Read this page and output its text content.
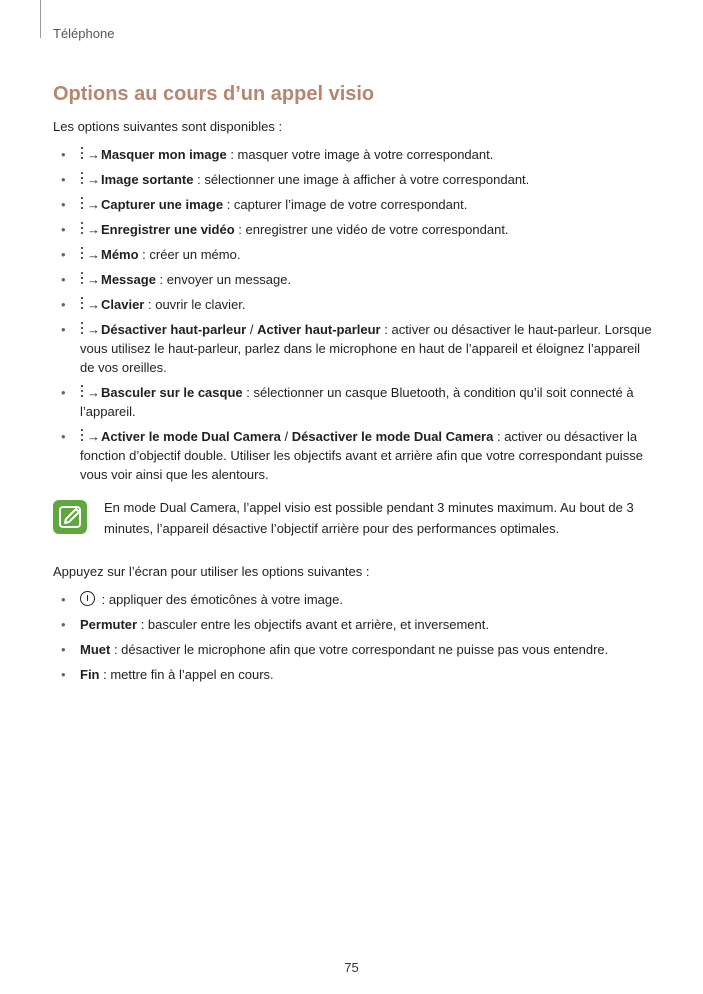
Téléphone
Options au cours d’un appel visio
Les options suivantes sont disponibles :
• →Masquer mon image : masquer votre image à votre correspondant.
• →Image sortante : sélectionner une image à afficher à votre correspondant.
• →Capturer une image : capturer l’image de votre correspondant.
• →Enregistrer une vidéo : enregistrer une vidéo de votre correspondant.
• →Mémo : créer un mémo.
• →Message : envoyer un message.
• →Clavier : ouvrir le clavier.
• →Désactiver haut-parleur / Activer haut-parleur : activer ou désactiver le haut-parleur. Lorsque vous utilisez le haut-parleur, parlez dans le microphone en haut de l’appareil et éloignez l’appareil de vos oreilles.
• →Basculer sur le casque : sélectionner un casque Bluetooth, à condition qu’il soit connecté à l’appareil.
• →Activer le mode Dual Camera / Désactiver le mode Dual Camera : activer ou désactiver la fonction d’objectif double. Utiliser les objectifs avant et arrière afin que votre correspondant puisse vous voir ainsi que les alentours.
En mode Dual Camera, l’appel visio est possible pendant 3 minutes maximum. Au bout de 3 minutes, l’appareil désactive l’objectif arrière pour des performances optimales.
Appuyez sur l’écran pour utiliser les options suivantes :
• : appliquer des émoticônes à votre image.
• Permuter : basculer entre les objectifs avant et arrière, et inversement.
• Muet : désactiver le microphone afin que votre correspondant ne puisse pas vous entendre.
• Fin : mettre fin à l’appel en cours.
75
